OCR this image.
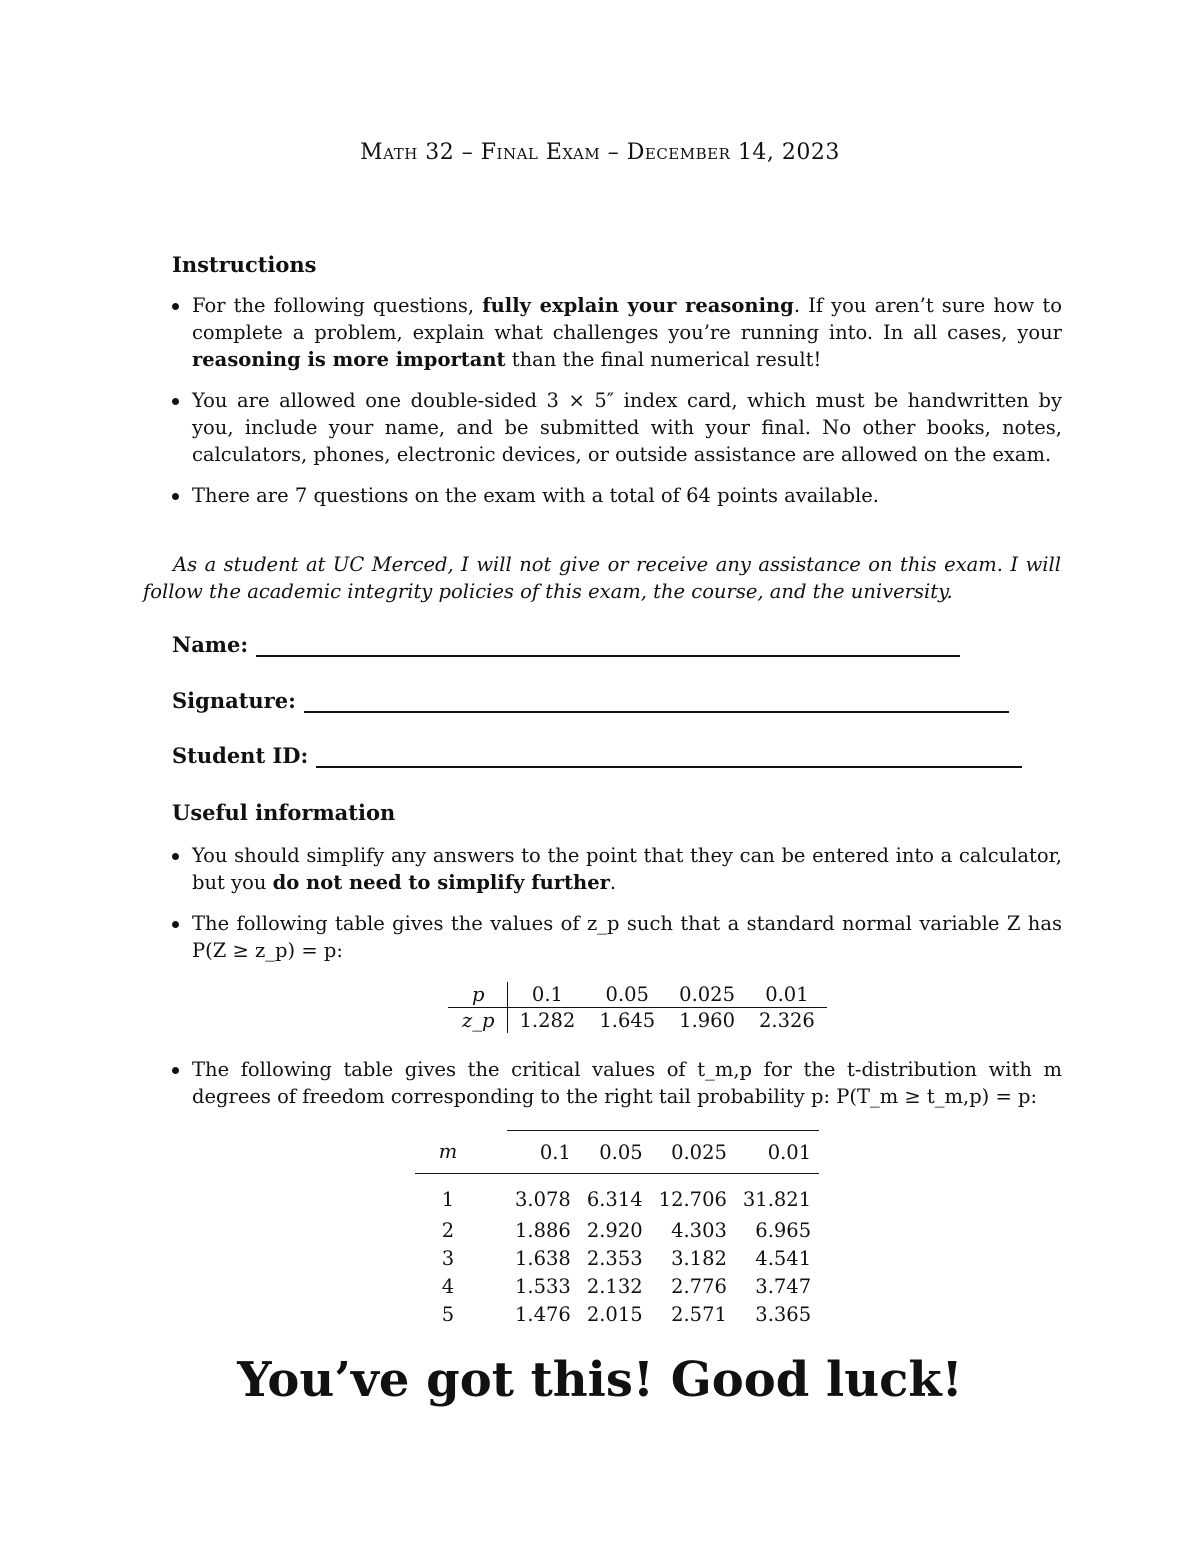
Math 32 – Final Exam – December 14, 2023
Instructions
For the following questions, fully explain your reasoning. If you aren’t sure how to complete a problem, explain what challenges you’re running into. In all cases, your reasoning is more important than the final numerical result!
You are allowed one double-sided 3 × 5″ index card, which must be handwritten by you, include your name, and be submitted with your final. No other books, notes, calculators, phones, electronic devices, or outside assistance are allowed on the exam.
There are 7 questions on the exam with a total of 64 points available.
As a student at UC Merced, I will not give or receive any assistance on this exam. I will follow the academic integrity policies of this exam, the course, and the university.
Name:
Signature:
Student ID:
Useful information
You should simplify any answers to the point that they can be entered into a calculator, but you do not need to simplify further.
The following table gives the values of z_p such that a standard normal variable Z has P(Z ≥ z_p) = p:
p	0.1	0.05	0.025	0.01
z_p	1.282	1.645	1.960	2.326
The following table gives the critical values of t_m,p for the t-distribution with m degrees of freedom corresponding to the right tail probability p: P(T_m ≥ t_m,p) = p:
m		0.1	0.05	0.025	0.01
1		3.078	6.314	12.706	31.821
2		1.886	2.920	4.303	6.965
3		1.638	2.353	3.182	4.541
4		1.533	2.132	2.776	3.747
5		1.476	2.015	2.571	3.365
You’ve got this! Good luck!
